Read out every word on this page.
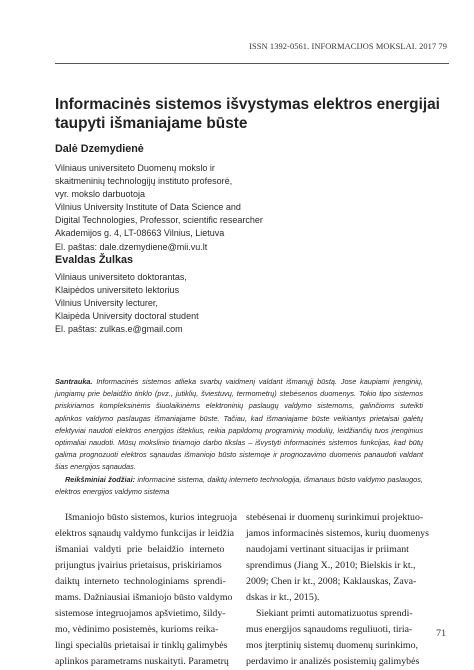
ISSN 1392-0561. INFORMACIJOS MOKSLAI. 2017 79
Informacinės sistemos išvystymas elektros energijai
taupyti išmaniajame būste
Dalė Dzemydienė
Vilniaus universiteto Duomenų mokslo ir
skaitmeninių technologijų instituto profesorė,
vyr. mokslo darbuotoja
Vilnius University Institute of Data Science and
Digital Technologies, Professor, scientific researcher
Akademijos g. 4, LT-08663 Vilnius, Lietuva
El. paštas: dale.dzemydiene@mii.vu.lt
Evaldas Žulkas
Vilniaus universiteto doktorantas,
Klaipėdos universiteto lektorius
Vilnius University lecturer,
Klaipėda University doctoral student
El. paštas: zulkas.e@gmail.com

Santrauka. Informacinės sistemos atlieka svarbų vaidmenį valdant išmanųjį būstą. Jose kaupiami įrenginių, jungiamų prie belaidžio tinklo (pvz., jutiklių, šviestuvų, termometrų) stebėsenos duomenys. Tokio tipo sistemos priskiriamos kompleksinėms šiuolaikinėms elektroninių paslaugų valdymo sistemoms, galinčioms suteikti aplinkos valdymo paslaugas išmaniajame būste. Tačiau, kad išmaniajame būste veikiantys prietaisai galėtų efektyviai naudoti elektros energijos išteklius, reikia papildomų programinių modulių, leidžiančių tuos įrenginius optimaliai naudoti. Mūsų mokslinio tiriamojo darbo tikslas – išvystyti informacinės sistemos funkcijas, kad būtų galima prognozuoti elektros sąnaudas išmaniojo būsto sistemoje ir prognozavimo duomenis panaudoti valdant šias energijos sąnaudas.

Reikšminiai žodžiai: informacinė sistema, daiktų interneto technologija, išmanaus būsto valdymo paslaugos, elektros energijos valdymo sistema

Išmaniojo būsto sistemos, kurios integruoja
elektros sąnaudų valdymo funkcijas ir leidžia
išmaniai valdyti prie belaidžio interneto
prijungtus įvairius prietaisus, priskiriamos
daiktų interneto technologiniams sprendi-
mams. Dažniausiai išmaniojo būsto valdymo
sistemose integruojamos apšvietimo, šildy-
mo, vėdinimo posistemės, kurioms reika-
lingi specialūs prietaisai ir tinklų galimybės
aplinkos parametrams nuskaityti. Parametrų
stebėsenai ir duomenų surinkimui projektuo-
jamos informacinės sistemos, kurių duomenys naudojami vertinant situacijas ir priimant
sprendimus (Jiang X., 2010; Bielskis ir kt.,
2009; Chen ir kt., 2008; Kaklauskas, Zava-
dskas ir kt., 2015).
Siekiant primti automatizuotus sprendi-
mus energijos sąnaudoms reguliuoti, tiria-
mos įterptinių sistemų duomenų surinkimo,
perdavimo ir analizės posistemių galimybės
71
